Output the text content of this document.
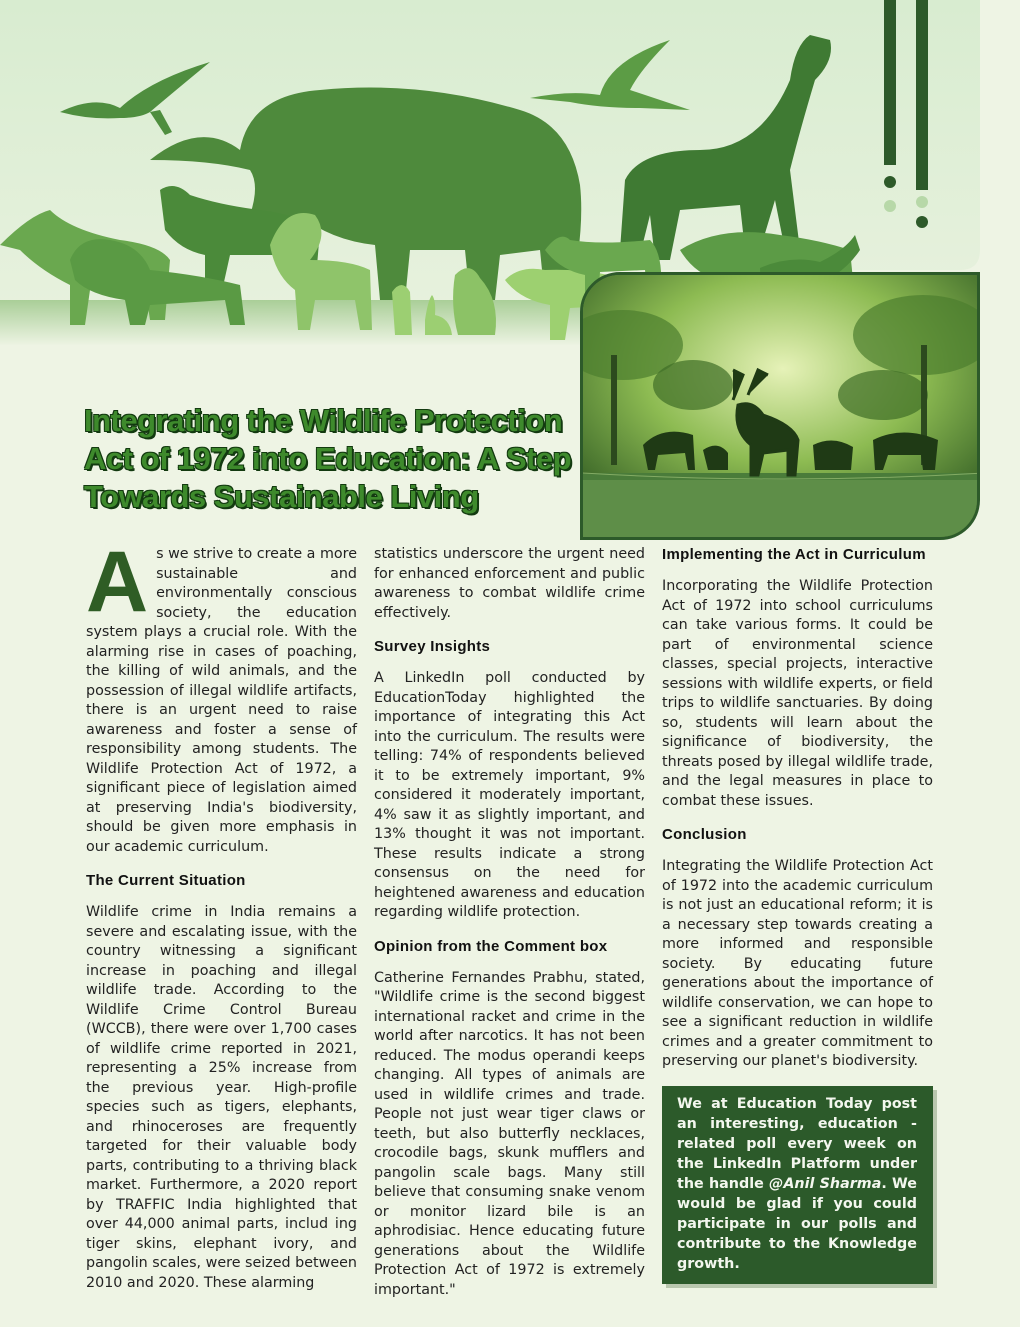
Integrating the Wildlife Protection Act of 1972 into Education: A Step Towards Sustainable Living

As we strive to create a more sustainable and environmentally conscious society, the education system plays a crucial role. With the alarming rise in cases of poaching, the killing of wild animals, and the possession of illegal wildlife artifacts, there is an urgent need to raise awareness and foster a sense of responsibility among students. The Wildlife Protection Act of 1972, a significant piece of legislation aimed at preserving India's biodiversity, should be given more emphasis in our academic curriculum.

The Current Situation

Wildlife crime in India remains a severe and escalating issue, with the country witnessing a significant increase in poaching and illegal wildlife trade. According to the Wildlife Crime Control Bureau (WCCB), there were over 1,700 cases of wildlife crime reported in 2021, representing a 25% increase from the previous year. High-profile species such as tigers, elephants, and rhinoceroses are frequently targeted for their valuable body parts, contributing to a thriving black market. Furthermore, a 2020 report by TRAFFIC India highlighted that over 44,000 animal parts, includ ing tiger skins, elephant ivory, and pangolin scales, were seized between 2010 and 2020. These alarming

statistics underscore the urgent need for enhanced enforcement and public awareness to combat wildlife crime effectively.

Survey Insights

A LinkedIn poll conducted by EducationToday highlighted the importance of integrating this Act into the curriculum. The results were telling: 74% of respondents believed it to be extremely important, 9% considered it moderately important, 4% saw it as slightly important, and 13% thought it was not important. These results indicate a strong consensus on the need for heightened awareness and education regarding wildlife protection.

Opinion from the Comment box

Catherine Fernandes Prabhu, stated, "Wildlife crime is the second biggest international racket and crime in the world after narcotics. It has not been reduced. The modus operandi keeps changing. All types of animals are used in wildlife crimes and trade. People not just wear tiger claws or teeth, but also butterfly necklaces, crocodile bags, skunk mufflers and pangolin scale bags. Many still believe that consuming snake venom or monitor lizard bile is an aphrodisiac. Hence educating future generations about the Wildlife Protection Act of 1972 is extremely important."

Implementing the Act in Curriculum

Incorporating the Wildlife Protection Act of 1972 into school curriculums can take various forms. It could be part of environmental science classes, special projects, interactive sessions with wildlife experts, or field trips to wildlife sanctuaries. By doing so, students will learn about the significance of biodiversity, the threats posed by illegal wildlife trade, and the legal measures in place to combat these issues.

Conclusion

Integrating the Wildlife Protection Act of 1972 into the academic curriculum is not just an educational reform; it is a necessary step towards creating a more informed and responsible society. By educating future generations about the importance of wildlife conservation, we can hope to see a significant reduction in wildlife crimes and a greater commitment to preserving our planet's biodiversity.

We at Education Today post an interesting, education - related poll every week on the LinkedIn Platform under the handle @Anil Sharma. We would be glad if you could participate in our polls and contribute to the Knowledge growth.
